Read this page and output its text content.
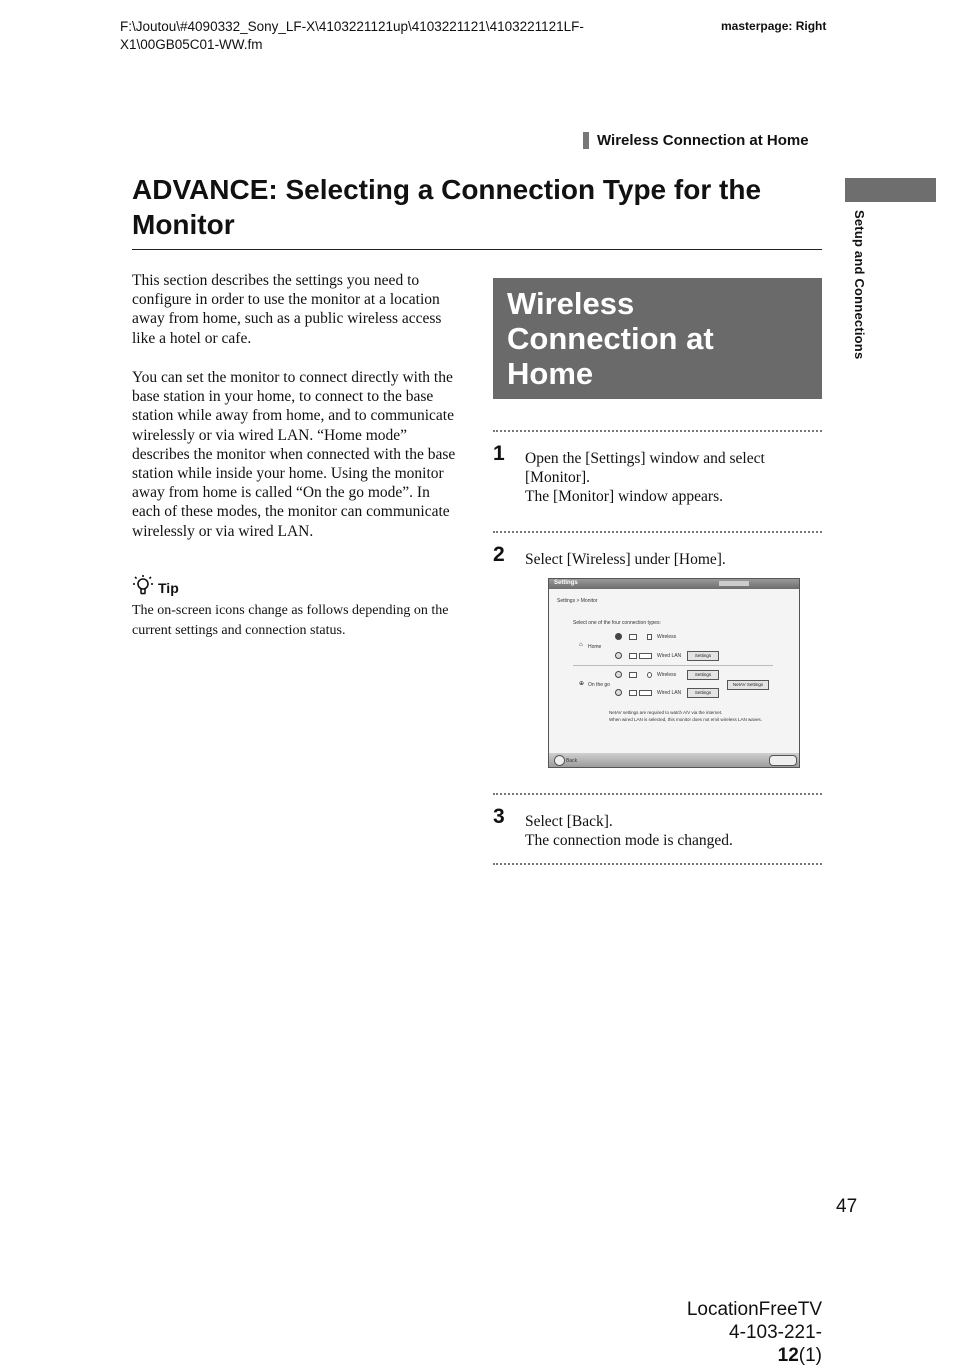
F:\Joutou\#4090332_Sony_LF-X\4103221121up\4103221121\4103221121LF-X1\00GB05C01-WW.fm
masterpage: Right
Wireless Connection at Home
Setup and Connections
ADVANCE: Selecting a Connection Type for the Monitor
This section describes the settings you need to configure in order to use the monitor at a location away from home, such as a public wireless access like a hotel or cafe.
You can set the monitor to connect directly with the base station in your home, to connect to the base station while away from home, and to communicate wirelessly or via wired LAN. “Home mode” describes the monitor when connected with the base station while inside your home. Using the monitor away from home is called “On the go mode”. In each of these modes, the monitor can communicate wirelessly or via wired LAN.
Tip
The on-screen icons change as follows depending on the current settings and connection status.
Wireless Connection at Home
1 Open the [Settings] window and select [Monitor].
The [Monitor] window appears.
2 Select [Wireless] under [Home].
Settings
Settings > Monitor
Select one of the four connection types:
⌂ Home
Wireless
Wired LAN	Settings
⊕ On the go
Wireless	Settings
NetAV Settings
Wired LAN	Settings
NetAV settings are required to watch A/V via the internet.
When wired LAN is selected, this monitor does not emit wireless LAN waves.
Back
3 Select [Back].
The connection mode is changed.
47
LocationFreeTV
4-103-221-12(1)
